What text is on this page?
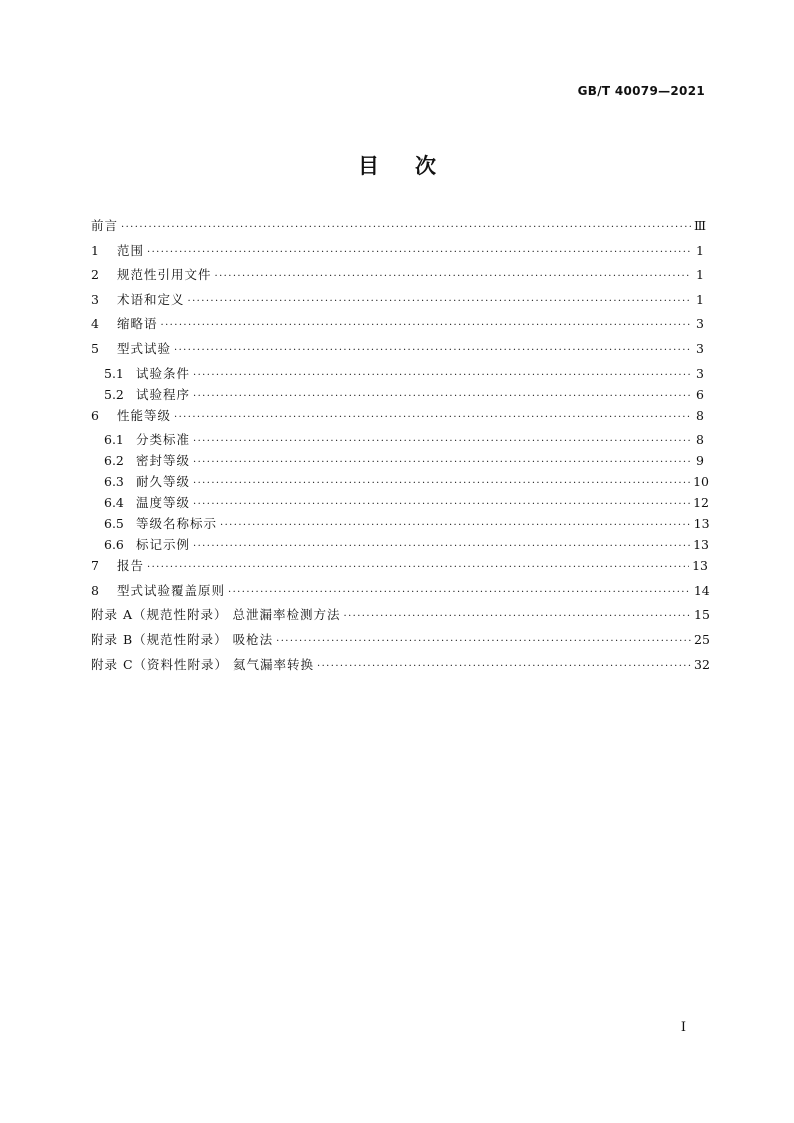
GB/T 40079—2021
目次
前言 ·····	Ⅲ
1	范围 ·····	1
2	规范性引用文件 ·····	1
3	术语和定义 ·····	1
4	缩略语 ·····	3
5	型式试验 ·····	3
5.1 试验条件 ·····	3
5.2 试验程序 ·····	6
6	性能等级 ·····	8
6.1 分类标准 ·····	8
6.2 密封等级 ·····	9
6.3 耐久等级 ·····	10
6.4 温度等级 ·····	12
6.5 等级名称标示 ·····	13
6.6 标记示例 ·····	13
7	报告 ·····	13
8	型式试验覆盖原则 ·····	14
附录 A（规范性附录） 总泄漏率检测方法 ·····	15
附录 B（规范性附录） 吸枪法 ·····	25
附录 C（资料性附录） 氦气漏率转换 ·····	32
I
